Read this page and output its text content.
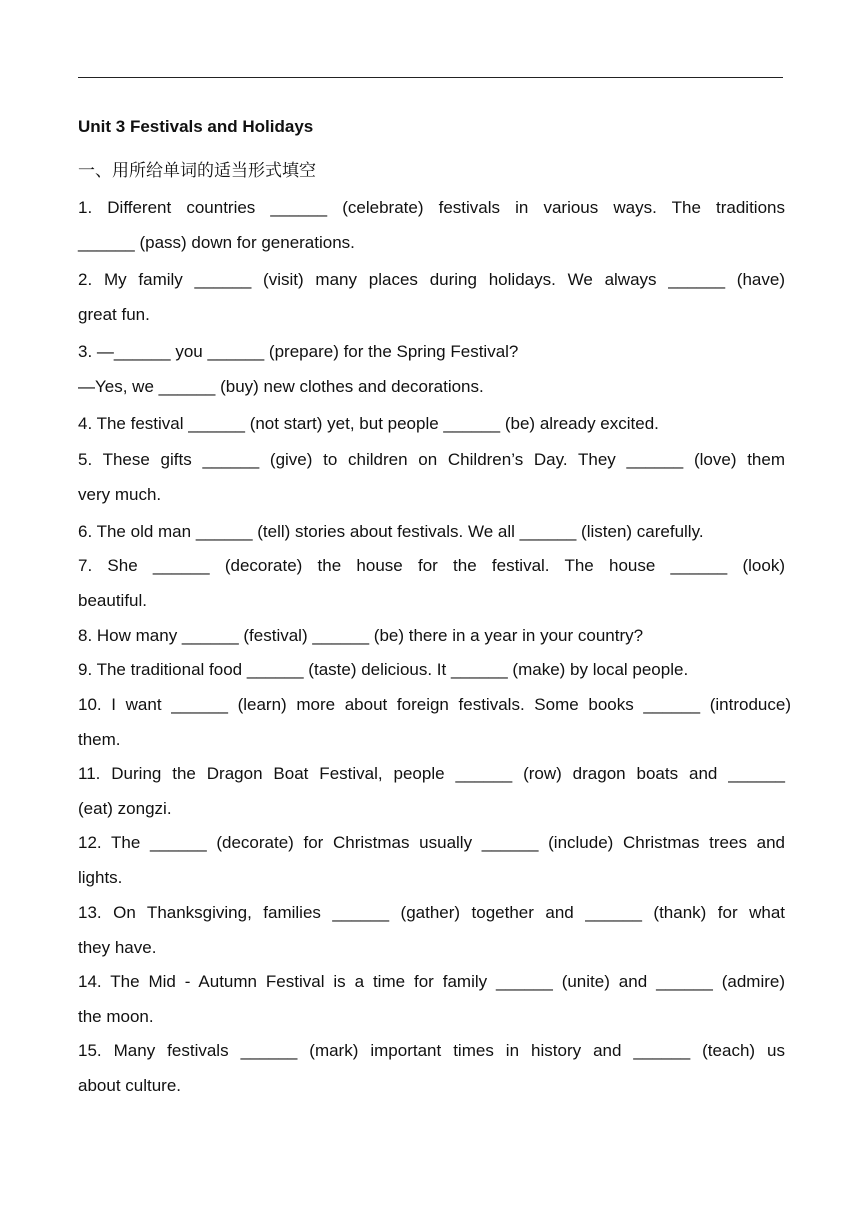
Unit 3 Festivals and Holidays
一、用所给单词的适当形式填空
1. Different countries ______ (celebrate) festivals in various ways. The traditions
______ (pass) down for generations.
2. My family ______ (visit) many places during holidays. We always ______ (have)
great fun.
3. —______ you ______ (prepare) for the Spring Festival?
—Yes, we ______ (buy) new clothes and decorations.
4. The festival ______ (not start) yet, but people ______ (be) already excited.
5. These gifts ______ (give) to children on Children’s Day. They ______ (love) them
very much.
6. The old man ______ (tell) stories about festivals. We all ______ (listen) carefully.
7. She ______ (decorate) the house for the festival. The house ______ (look)
beautiful.
8. How many ______ (festival) ______ (be) there in a year in your country?
9. The traditional food ______ (taste) delicious. It ______ (make) by local people.
10. I want ______ (learn) more about foreign festivals. Some books ______ (introduce)
them.
11. During the Dragon Boat Festival, people ______ (row) dragon boats and ______
(eat) zongzi.
12. The ______ (decorate) for Christmas usually ______ (include) Christmas trees and
lights.
13. On Thanksgiving, families ______ (gather) together and ______ (thank) for what
they have.
14. The Mid - Autumn Festival is a time for family ______ (unite) and ______ (admire)
the moon.
15. Many festivals ______ (mark) important times in history and ______ (teach) us
about culture.
